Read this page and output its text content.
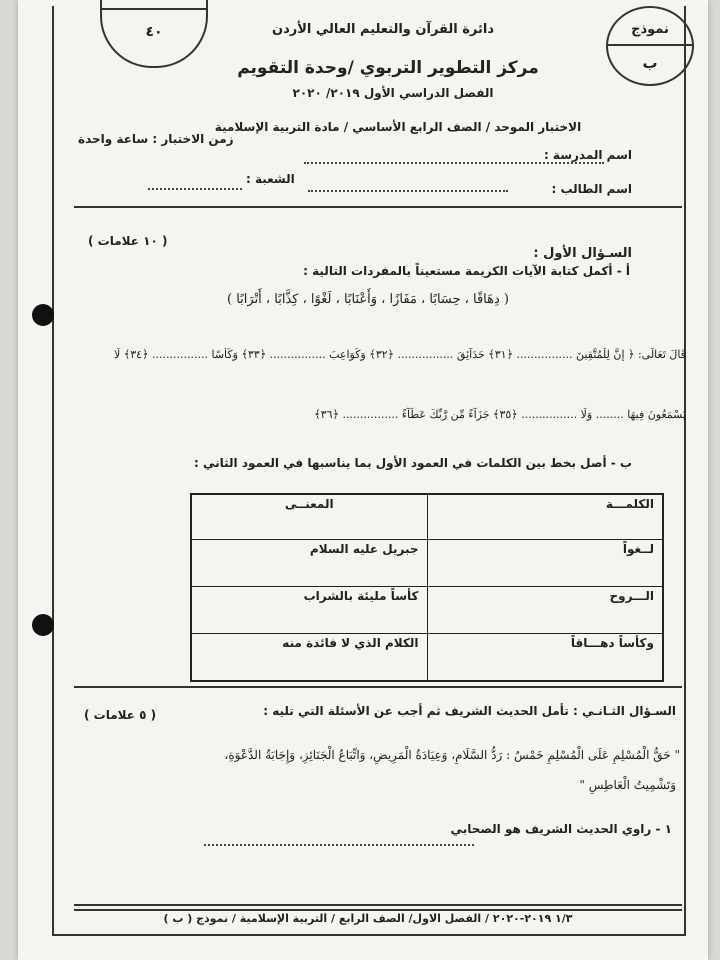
نموذج
ب
٤٠	دائرة القرآن والتعليم العالي الأردن
مركز التطوير التربوي /وحدة التقويم
الفصل الدراسي الأول ٢٠١٩/ ٢٠٢٠
الاختبار الموحد / الصف الرابع الأساسي / مادة التربية الإسلامية
زمن الاختبار : ساعة واحدة
اسم المدرسة :
اسم الطالب :
الشعبة :
السـؤال الأول :
( ١٠ علامات )
أ - أكمل كتابة الآيات الكريمة مستعيناً بالمفردات التالية :
( دِهَاقًا ، حِسَابًا ، مَفَازًا ، وَأَعْنَابًا ، لَغْوًا ، كِذَّابًا ، أَتْرَابًا )
قَالَ تَعَالَى: ﴿ إِنَّ لِلْمُتَّقِينَ ................ ﴿٣١﴾ حَدَآئِقَ ................ ﴿٣٢﴾ وَكَوَاعِبَ ................ ﴿٣٣﴾ وَكَأْسًا ................ ﴿٣٤﴾ لَّا
يَسْمَعُونَ فِيهَا ........ وَلَا ................ ﴿٣٥﴾ جَزَآءً مِّن رَّبِّكَ عَطَآءً ................ ﴿٣٦﴾
ب - أصل بخط بين الكلمات في العمود الأول بما يناسبها في العمود الثاني :
الكلمـــة	المعنــى
لــغواً	جبريل عليه السلام
الـــروح	كأساً مليئة بالشراب
وكأساً دهـــاقاً	الكلام الذي لا فائدة منه
السـؤال الثـانـي : تأمل الحديث الشريف ثم أجب عن الأسئلة التي تليه :
( ٥ علامات )
" حَقُّ الْمُسْلِمِ عَلَى الْمُسْلِمِ خَمْسٌ : رَدُّ السَّلَامِ، وَعِيَادَةُ الْمَرِيضِ، وَاتِّبَاعُ الْجَنَائِزِ، وَإِجَابَةُ الدَّعْوَةِ،
وَتَشْمِيتُ الْعَاطِسِ "
١ - راوي الحديث الشريف هو الصحابي
١/٣ ٢٠١٩-٢٠٢٠ / الفصل الاول/ الصف الرابع / التربية الإسلامية / نموذج ( ب )
